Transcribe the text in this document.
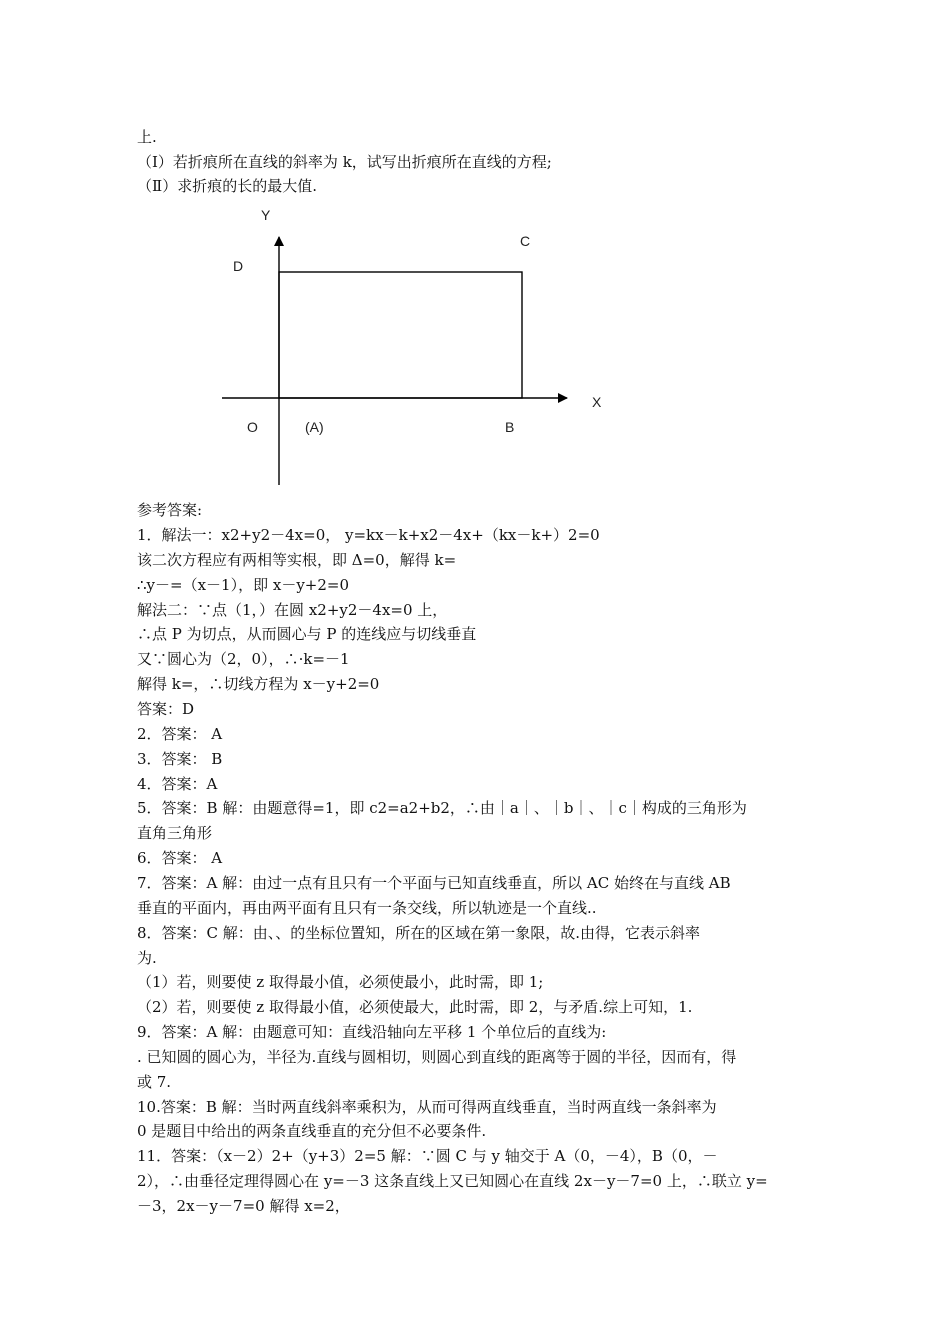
上.
（Ⅰ）若折痕所在直线的斜率为 k，试写出折痕所在直线的方程;
（Ⅱ）求折痕的长的最大值.
Y
X
O	(A)	B
C
D
参考答案:
1．解法一：x2+y2－4x=0， y=kx－k+x2－4x+（kx－k+）2=0
该二次方程应有两相等实根，即 Δ=0，解得 k=
∴y－=（x－1），即 x－y+2=0
解法二：∵点（1，）在圆 x2+y2－4x=0 上，
∴点 P 为切点，从而圆心与 P 的连线应与切线垂直
又∵圆心为（2，0），∴·k=－1
解得 k=，∴切线方程为 x－y+2=0
答案：D
2．答案： A
3．答案： B
4．答案：A
5．答案：B 解：由题意得=1，即 c2=a2+b2，∴由｜a｜、｜b｜、｜c｜构成的三角形为
直角三角形
6．答案： A
7．答案：A 解：由过一点有且只有一个平面与已知直线垂直，所以 AC 始终在与直线 AB
垂直的平面内，再由两平面有且只有一条交线，所以轨迹是一个直线..
8．答案：C 解：由、、的坐标位置知，所在的区域在第一象限，故.由得，它表示斜率
为.
（1）若，则要使 z 取得最小值，必须使最小，此时需，即 1;
（2）若，则要使 z 取得最小值，必须使最大，此时需，即 2，与矛盾.综上可知，1.
9．答案：A 解：由题意可知：直线沿轴向左平移 1 个单位后的直线为:
. 已知圆的圆心为，半径为.直线与圆相切，则圆心到直线的距离等于圆的半径，因而有，得
或 7.
10.答案：B 解：当时两直线斜率乘积为，从而可得两直线垂直，当时两直线一条斜率为
0 是题目中给出的两条直线垂直的充分但不必要条件.
11．答案：（x－2）2+（y+3）2=5 解：∵圆 C 与 y 轴交于 A（0，－4），B（0，－
2），∴由垂径定理得圆心在 y=－3 这条直线上又已知圆心在直线 2x－y－7=0 上，∴联立 y=
－3，2x－y－7=0 解得 x=2，
